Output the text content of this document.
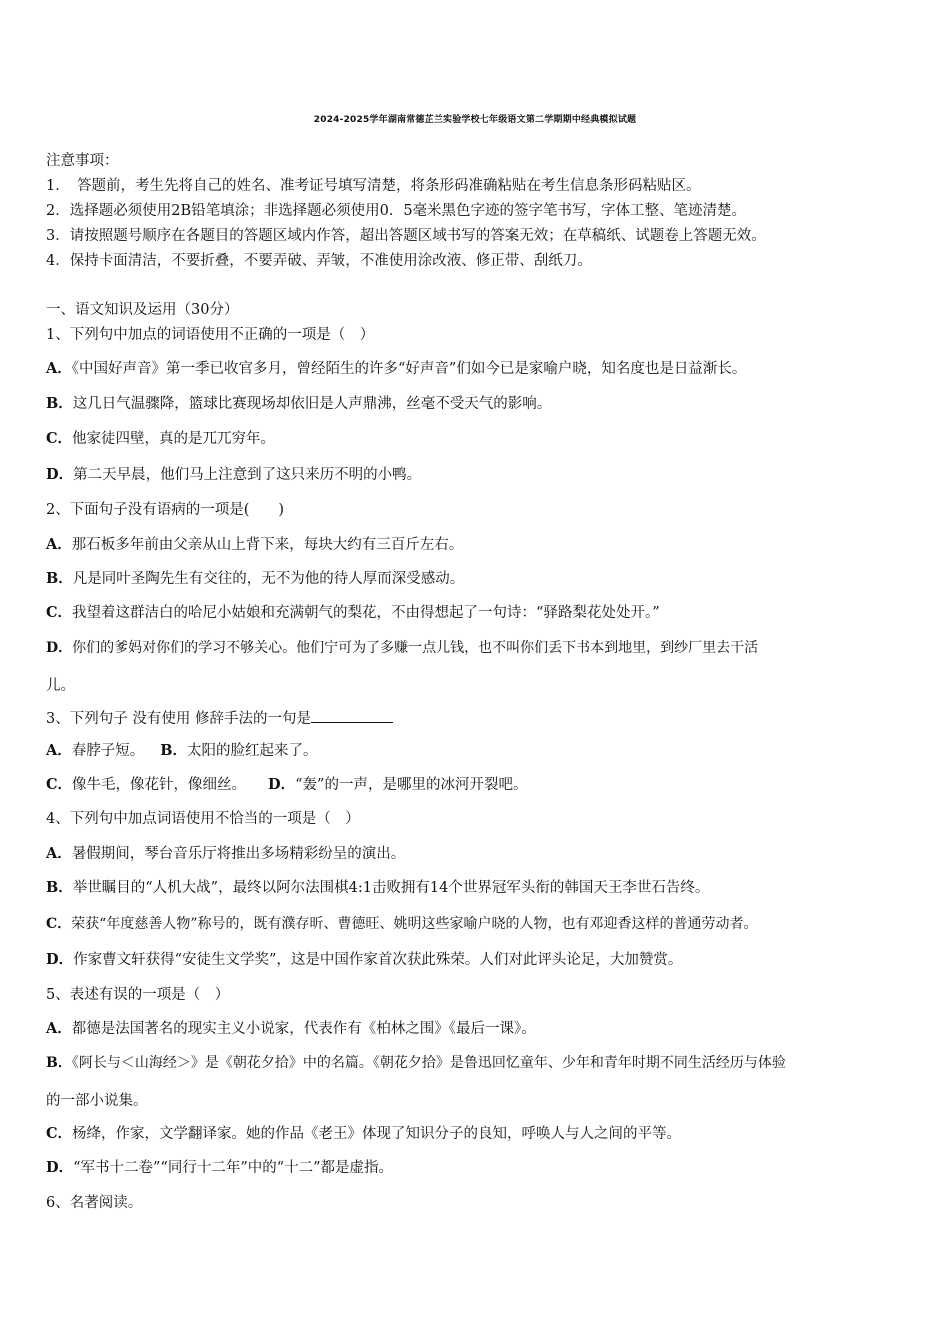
2024-2025学年湖南常德芷兰实验学校七年级语文第二学期期中经典模拟试题
注意事项：
1．　答题前，考生先将自己的姓名、准考证号填写清楚，将条形码准确粘贴在考生信息条形码粘贴区。
2．选择题必须使用2B铅笔填涂；非选择题必须使用0．5毫米黑色字迹的签字笔书写，字体工整、笔迹清楚。
3．请按照题号顺序在各题目的答题区域内作答，超出答题区域书写的答案无效；在草稿纸、试题卷上答题无效。
4．保持卡面清洁，不要折叠，不要弄破、弄皱，不准使用涂改液、修正带、刮纸刀。
一、语文知识及运用（30分）
1、下列句中加点的词语使用不正确的一项是（　）
A．《中国好声音》第一季已收官多月，曾经陌生的许多“好声音”们如今已是家喻户晓，知名度也是日益渐长。
B．这几日气温骤降，篮球比赛现场却依旧是人声鼎沸，丝毫不受天气的影响。
C．他家徒四壁，真的是兀兀穷年。
D．第二天早晨，他们马上注意到了这只来历不明的小鸭。
2、下面句子没有语病的一项是(　　)
A．那石板多年前由父亲从山上背下来，每块大约有三百斤左右。
B．凡是同叶圣陶先生有交往的，无不为他的待人厚而深受感动。
C．我望着这群洁白的哈尼小姑娘和充满朝气的梨花，不由得想起了一句诗：“驿路梨花处处开。”
D．你们的爹妈对你们的学习不够关心。他们宁可为了多赚一点儿钱，也不叫你们丢下书本到地里，到纱厂里去干活
儿。
3、下列句子 没有使用 修辞手法的一句是
A．春脖子短。 B．太阳的脸红起来了。
C．像牛毛，像花针，像细丝。 D．“轰”的一声，是哪里的冰河开裂吧。
4、下列句中加点词语使用不恰当的一项是（　）
A．暑假期间，琴台音乐厅将推出多场精彩纷呈的演出。
B．举世瞩目的“人机大战”，最终以阿尔法围棋4:1击败拥有14个世界冠军头衔的韩国天王李世石告终。
C．荣获“年度慈善人物”称号的，既有濮存昕、曹德旺、姚明这些家喻户晓的人物，也有邓迎香这样的普通劳动者。
D．作家曹文轩获得“安徒生文学奖”，这是中国作家首次获此殊荣。人们对此评头论足，大加赞赏。
5、表述有误的一项是（　）
A．都德是法国著名的现实主义小说家，代表作有《柏林之围》《最后一课》。
B．《阿长与＜山海经＞》是《朝花夕拾》中的名篇。《朝花夕拾》是鲁迅回忆童年、少年和青年时期不同生活经历与体验
的一部小说集。
C．杨绛，作家，文学翻译家。她的作品《老王》体现了知识分子的良知，呼唤人与人之间的平等。
D．“军书十二卷”“同行十二年”中的“十二”都是虚指。
6、名著阅读。
